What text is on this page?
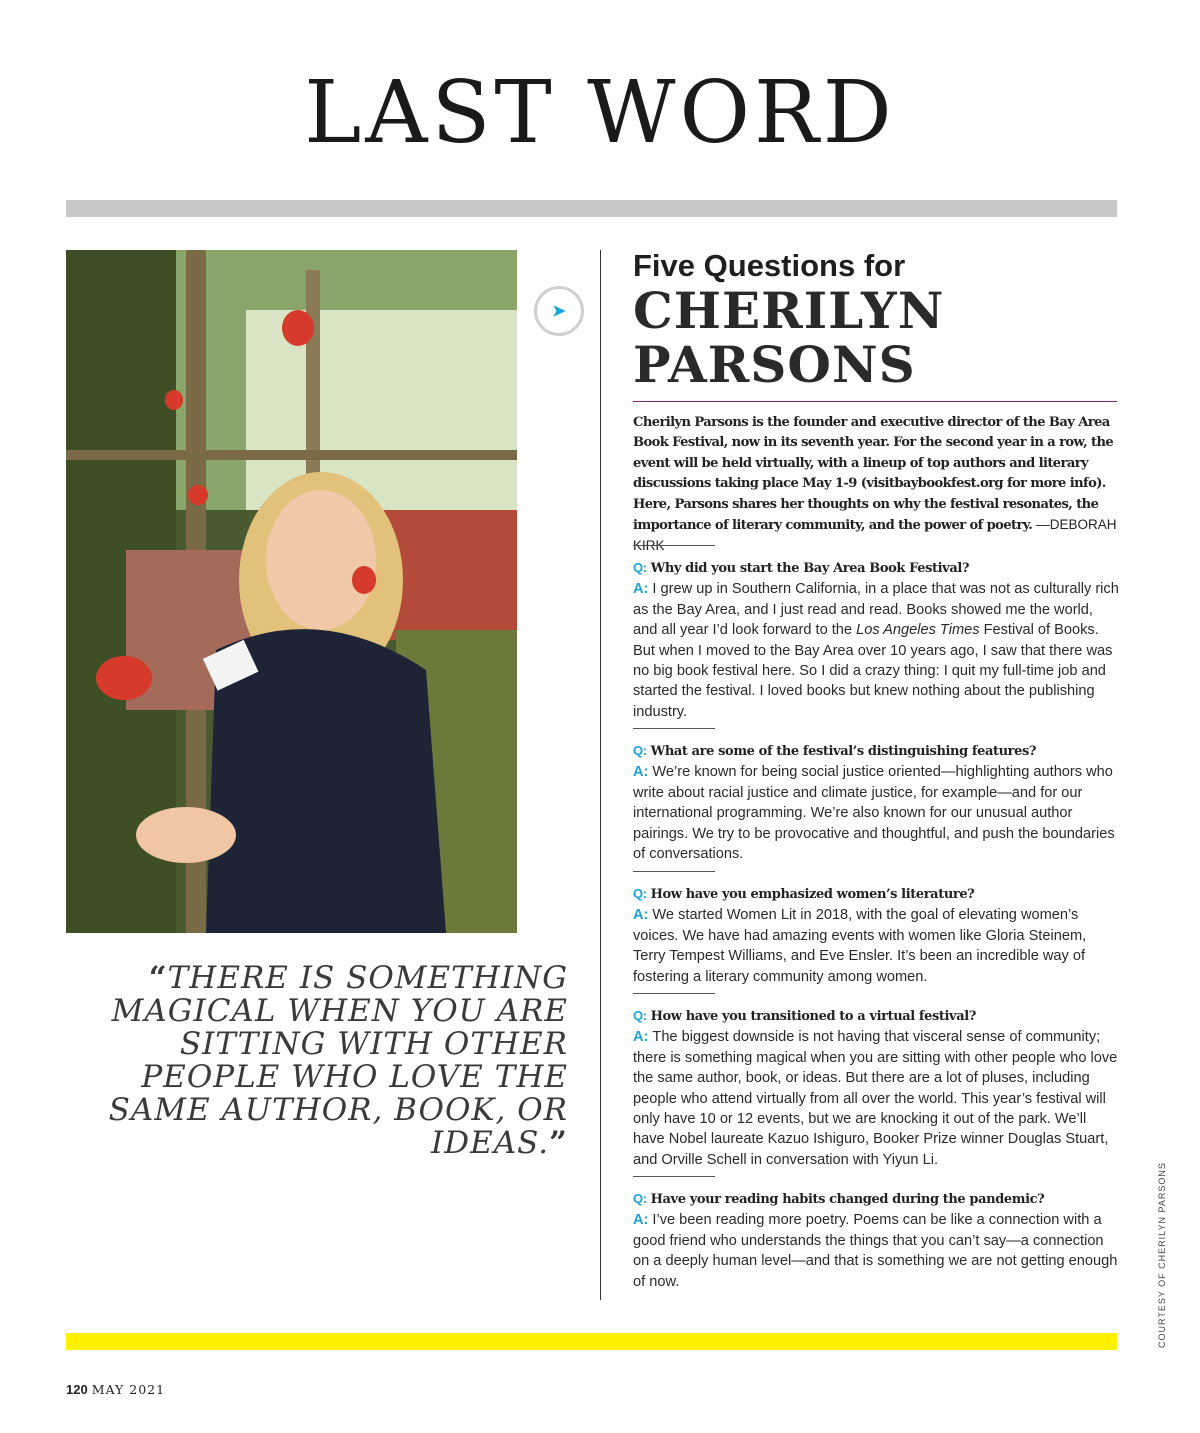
LAST WORD
➤

“THERE IS SOMETHING MAGICAL WHEN YOU ARE SITTING WITH OTHER PEOPLE WHO LOVE THE SAME AUTHOR, BOOK, OR IDEAS.”

Five Questions for
CHERILYN
PARSONS

Cherilyn Parsons is the founder and executive director of the Bay Area Book Festival, now in its seventh year. For the second year in a row, the event will be held virtually, with a lineup of top authors and literary discussions taking place May 1-9 (visitbaybookfest.org for more info). Here, Parsons shares her thoughts on why the festival resonates, the importance of literary community, and the power of poetry. —DEBORAH

Q: Why did you start the Bay Area Book Festival?

A: I grew up in Southern California, in a place that was not as culturally rich as the Bay Area, and I just read and read. Books showed me the world, and all year I’d look forward to the Los Angeles Times Festival of Books. But when I moved to the Bay Area over 10 years ago, I saw that there was no big book festival here. So I did a crazy thing: I quit my full-time job and started the festival. I loved books but knew nothing about the publishing industry.

Q: What are some of the festival’s distinguishing features?

A: We’re known for being social justice oriented—highlighting authors who write about racial justice and climate justice, for example—and for our international programming. We’re also known for our unusual author pairings. We try to be provocative and thoughtful, and push the boundaries of conversations.

Q: How have you emphasized women’s literature?

A: We started Women Lit in 2018, with the goal of elevating women’s voices. We have had amazing events with women like Gloria Steinem, Terry Tempest Williams, and Eve Ensler. It’s been an incredible way of fostering a literary community among women.

Q: How have you transitioned to a virtual festival?

A: The biggest downside is not having that visceral sense of community; there is something magical when you are sitting with other people who love the same author, book, or ideas. But there are a lot of pluses, including people who attend virtually from all over the world. This year’s festival will only have 10 or 12 events, but we are knocking it out of the park. We’ll have Nobel laureate Kazuo Ishiguro, Booker Prize winner Douglas Stuart, and Orville Schell in conversation with Yiyun Li.

Q: Have your reading habits changed during the pandemic?

A: I’ve been reading more poetry. Poems can be like a connection with a good friend who understands the things that you can’t say—a connection on a deeply human level—and that is something we are not getting enough of now.	COURTESY OF CHERILYN PARSONS
120 MAY 2021
